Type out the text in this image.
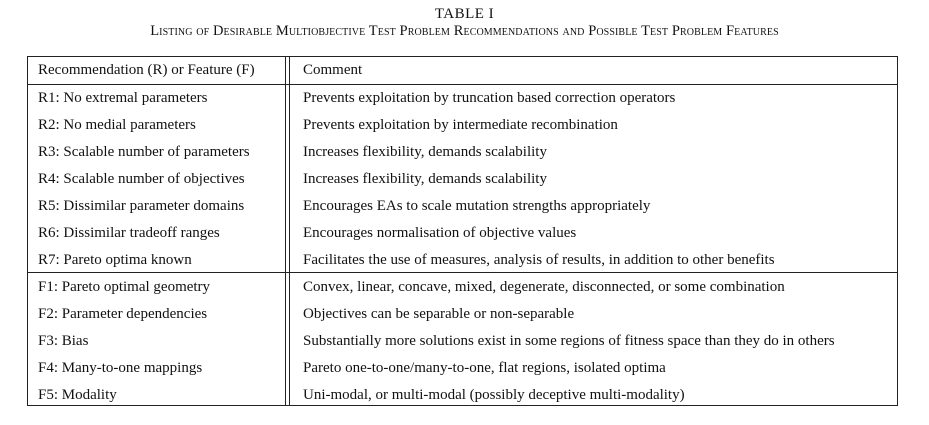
TABLE I
Listing of Desirable Multiobjective Test Problem Recommendations and Possible Test Problem Features
Recommendation (R) or Feature (F)	Comment
R1: No extremal parameters	Prevents exploitation by truncation based correction operators
R2: No medial parameters	Prevents exploitation by intermediate recombination
R3: Scalable number of parameters	Increases flexibility, demands scalability
R4: Scalable number of objectives	Increases flexibility, demands scalability
R5: Dissimilar parameter domains	Encourages EAs to scale mutation strengths appropriately
R6: Dissimilar tradeoff ranges	Encourages normalisation of objective values
R7: Pareto optima known	Facilitates the use of measures, analysis of results, in addition to other benefits
F1: Pareto optimal geometry	Convex, linear, concave, mixed, degenerate, disconnected, or some combination
F2: Parameter dependencies	Objectives can be separable or non-separable
F3: Bias	Substantially more solutions exist in some regions of fitness space than they do in others
F4: Many-to-one mappings	Pareto one-to-one/many-to-one, flat regions, isolated optima
F5: Modality	Uni-modal, or multi-modal (possibly deceptive multi-modality)
